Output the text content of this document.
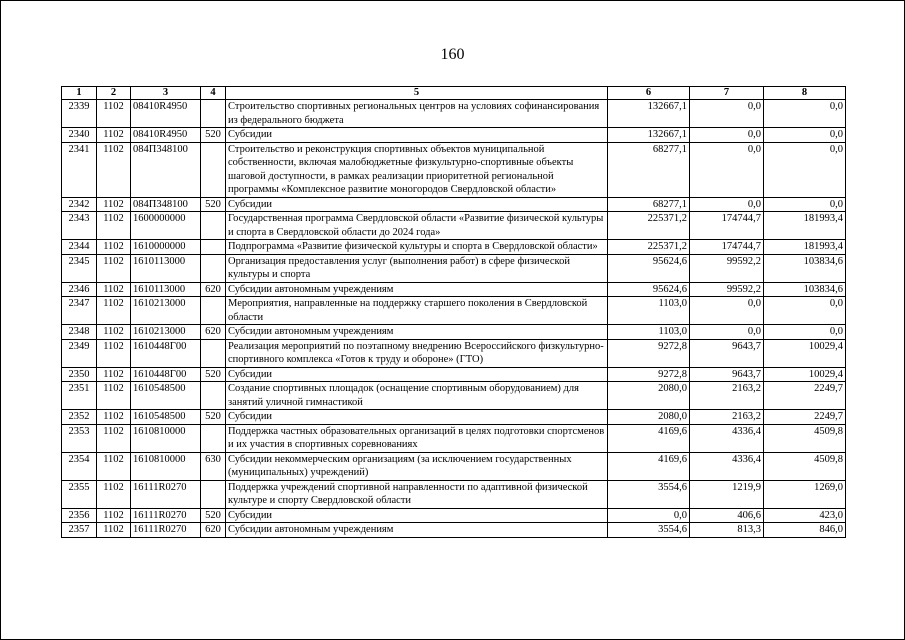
160
1	2	3	4	5	6	7	8
2339	1102	08410R4950		Строительство спортивных региональных центров на условиях софинансирования из федерального бюджета	132667,1	0,0	0,0
2340	1102	08410R4950	520	Субсидии	132667,1	0,0	0,0
2341	1102	084П348100		Строительство и реконструкция спортивных объектов муниципальной собственности, включая малобюджетные физкультурно-спортивные объекты шаговой доступности, в рамках реализации приоритетной региональной программы «Комплексное развитие моногородов Свердловской области»	68277,1	0,0	0,0
2342	1102	084П348100	520	Субсидии	68277,1	0,0	0,0
2343	1102	1600000000		Государственная программа Свердловской области «Развитие физической культуры и спорта в Свердловской области до 2024 года»	225371,2	174744,7	181993,4
2344	1102	1610000000		Подпрограмма «Развитие физической культуры и спорта в Свердловской области»	225371,2	174744,7	181993,4
2345	1102	1610113000		Организация предоставления услуг (выполнения работ) в сфере физической культуры и спорта	95624,6	99592,2	103834,6
2346	1102	1610113000	620	Субсидии автономным учреждениям	95624,6	99592,2	103834,6
2347	1102	1610213000		Мероприятия, направленные на поддержку старшего поколения в Свердловской области	1103,0	0,0	0,0
2348	1102	1610213000	620	Субсидии автономным учреждениям	1103,0	0,0	0,0
2349	1102	1610448Г00		Реализация мероприятий по поэтапному внедрению Всероссийского физкультурно-спортивного комплекса «Готов к труду и обороне» (ГТО)	9272,8	9643,7	10029,4
2350	1102	1610448Г00	520	Субсидии	9272,8	9643,7	10029,4
2351	1102	1610548500		Создание спортивных площадок (оснащение спортивным оборудованием) для занятий уличной гимнастикой	2080,0	2163,2	2249,7
2352	1102	1610548500	520	Субсидии	2080,0	2163,2	2249,7
2353	1102	1610810000		Поддержка частных образовательных организаций в целях подготовки спортсменов и их участия в спортивных соревнованиях	4169,6	4336,4	4509,8
2354	1102	1610810000	630	Субсидии некоммерческим организациям (за исключением государственных (муниципальных) учреждений)	4169,6	4336,4	4509,8
2355	1102	16111R0270		Поддержка учреждений спортивной направленности по адаптивной физической культуре и спорту Свердловской области	3554,6	1219,9	1269,0
2356	1102	16111R0270	520	Субсидии	0,0	406,6	423,0
2357	1102	16111R0270	620	Субсидии автономным учреждениям	3554,6	813,3	846,0
